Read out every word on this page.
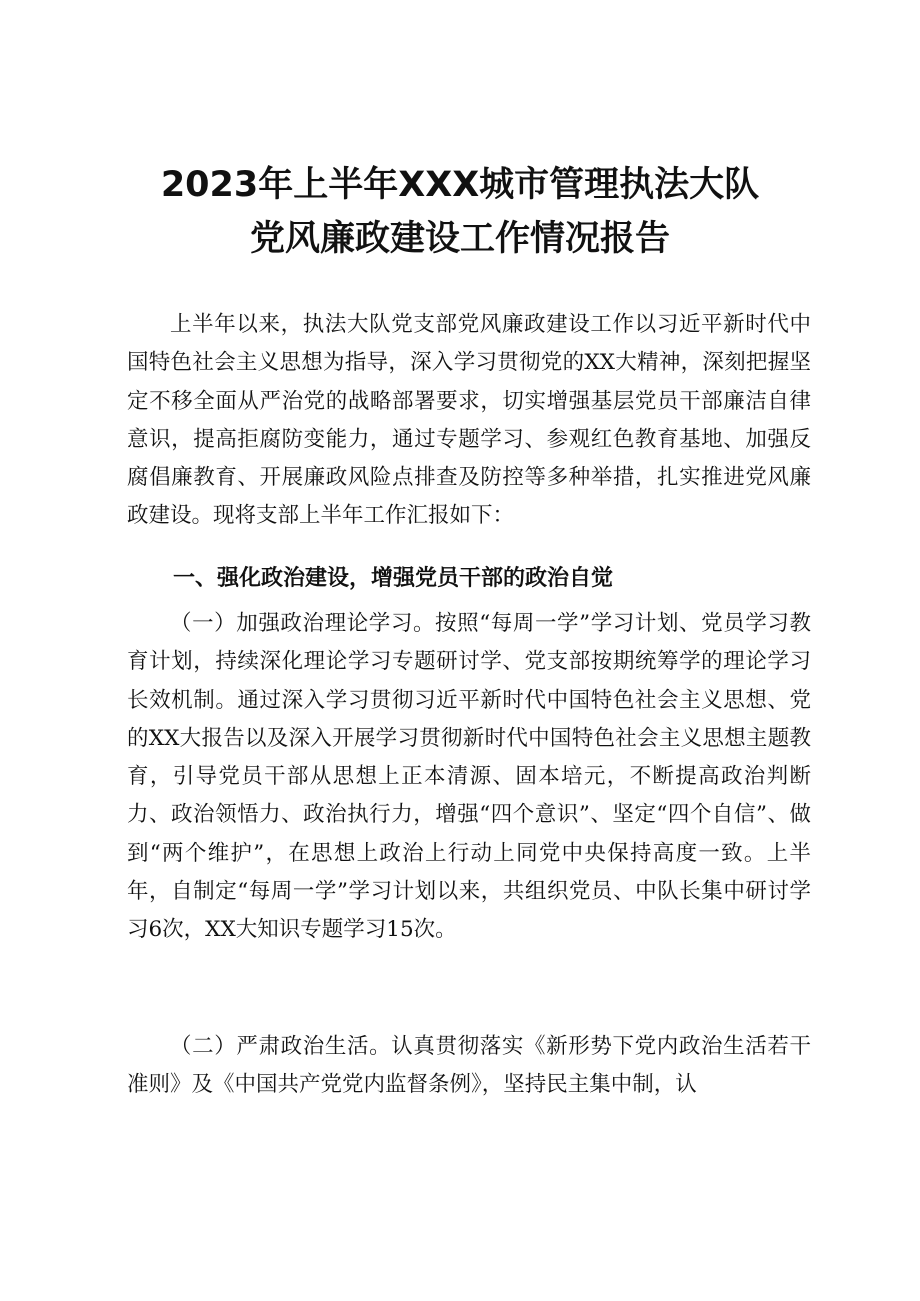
2023年上半年XXX城市管理执法大队
党风廉政建设工作情况报告

上半年以来，执法大队党支部党风廉政建设工作以习近平新时代中国特色社会主义思想为指导，深入学习贯彻党的XX大精神，深刻把握坚定不移全面从严治党的战略部署要求，切实增强基层党员干部廉洁自律意识，提高拒腐防变能力，通过专题学习、参观红色教育基地、加强反腐倡廉教育、开展廉政风险点排查及防控等多种举措，扎实推进党风廉政建设。现将支部上半年工作汇报如下：

一、强化政治建设，增强党员干部的政治自觉

（一）加强政治理论学习。按照“每周一学”学习计划、党员学习教育计划，持续深化理论学习专题研讨学、党支部按期统筹学的理论学习长效机制。通过深入学习贯彻习近平新时代中国特色社会主义思想、党的XX大报告以及深入开展学习贯彻新时代中国特色社会主义思想主题教育，引导党员干部从思想上正本清源、固本培元，不断提高政治判断力、政治领悟力、政治执行力，增强“四个意识”、坚定“四个自信”、做到“两个维护”，在思想上政治上行动上同党中央保持高度一致。上半年，自制定“每周一学”学习计划以来，共组织党员、中队长集中研讨学习6次，XX大知识专题学习15次。

（二）严肃政治生活。认真贯彻落实《新形势下党内政治生活若干准则》及《中国共产党党内监督条例》，坚持民主集中制，认
